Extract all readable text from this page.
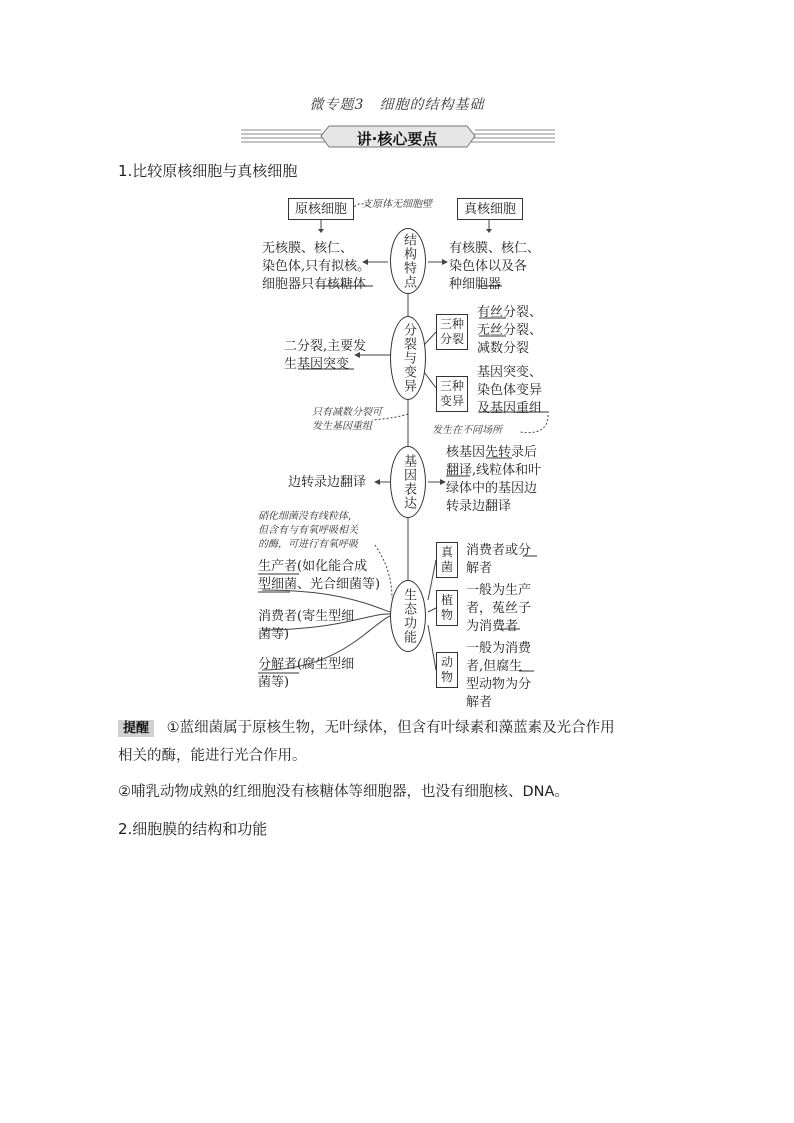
微专题3　细胞的结构基础
讲·核心要点
1.比较原核细胞与真核细胞
原核细胞	真核细胞
支原体无细胞壁
结构特点
分裂与变异
基因表达
生态功能
无核膜、核仁、
染色体,只有拟核。
细胞器只有核糖体
有核膜、核仁、
染色体以及各
种细胞器
二分裂,主要发
生基因突变
三种分裂
有丝分裂、
无丝分裂、
减数分裂
三种变异
基因突变、
染色体变异
及基因重组
只有减数分裂可
发生基因重组	发生在不同场所
边转录边翻译
核基因先转录后
翻译,线粒体和叶
绿体中的基因边
转录边翻译
硝化细菌没有线粒体,
但含有与有氧呼吸相关
的酶，可进行有氧呼吸
生产者(如化能合成
型细菌、光合细菌等)
消费者(寄生型细
菌等)
分解者(腐生型细
菌等)
真菌
消费者或分
解者
植物
一般为生产
者，菟丝子
为消费者
动物
一般为消费
者,但腐生
型动物为分
解者
提醒 ①蓝细菌属于原核生物，无叶绿体，但含有叶绿素和藻蓝素及光合作用
相关的酶，能进行光合作用。
②哺乳动物成熟的红细胞没有核糖体等细胞器，也没有细胞核、DNA。
2.细胞膜的结构和功能
